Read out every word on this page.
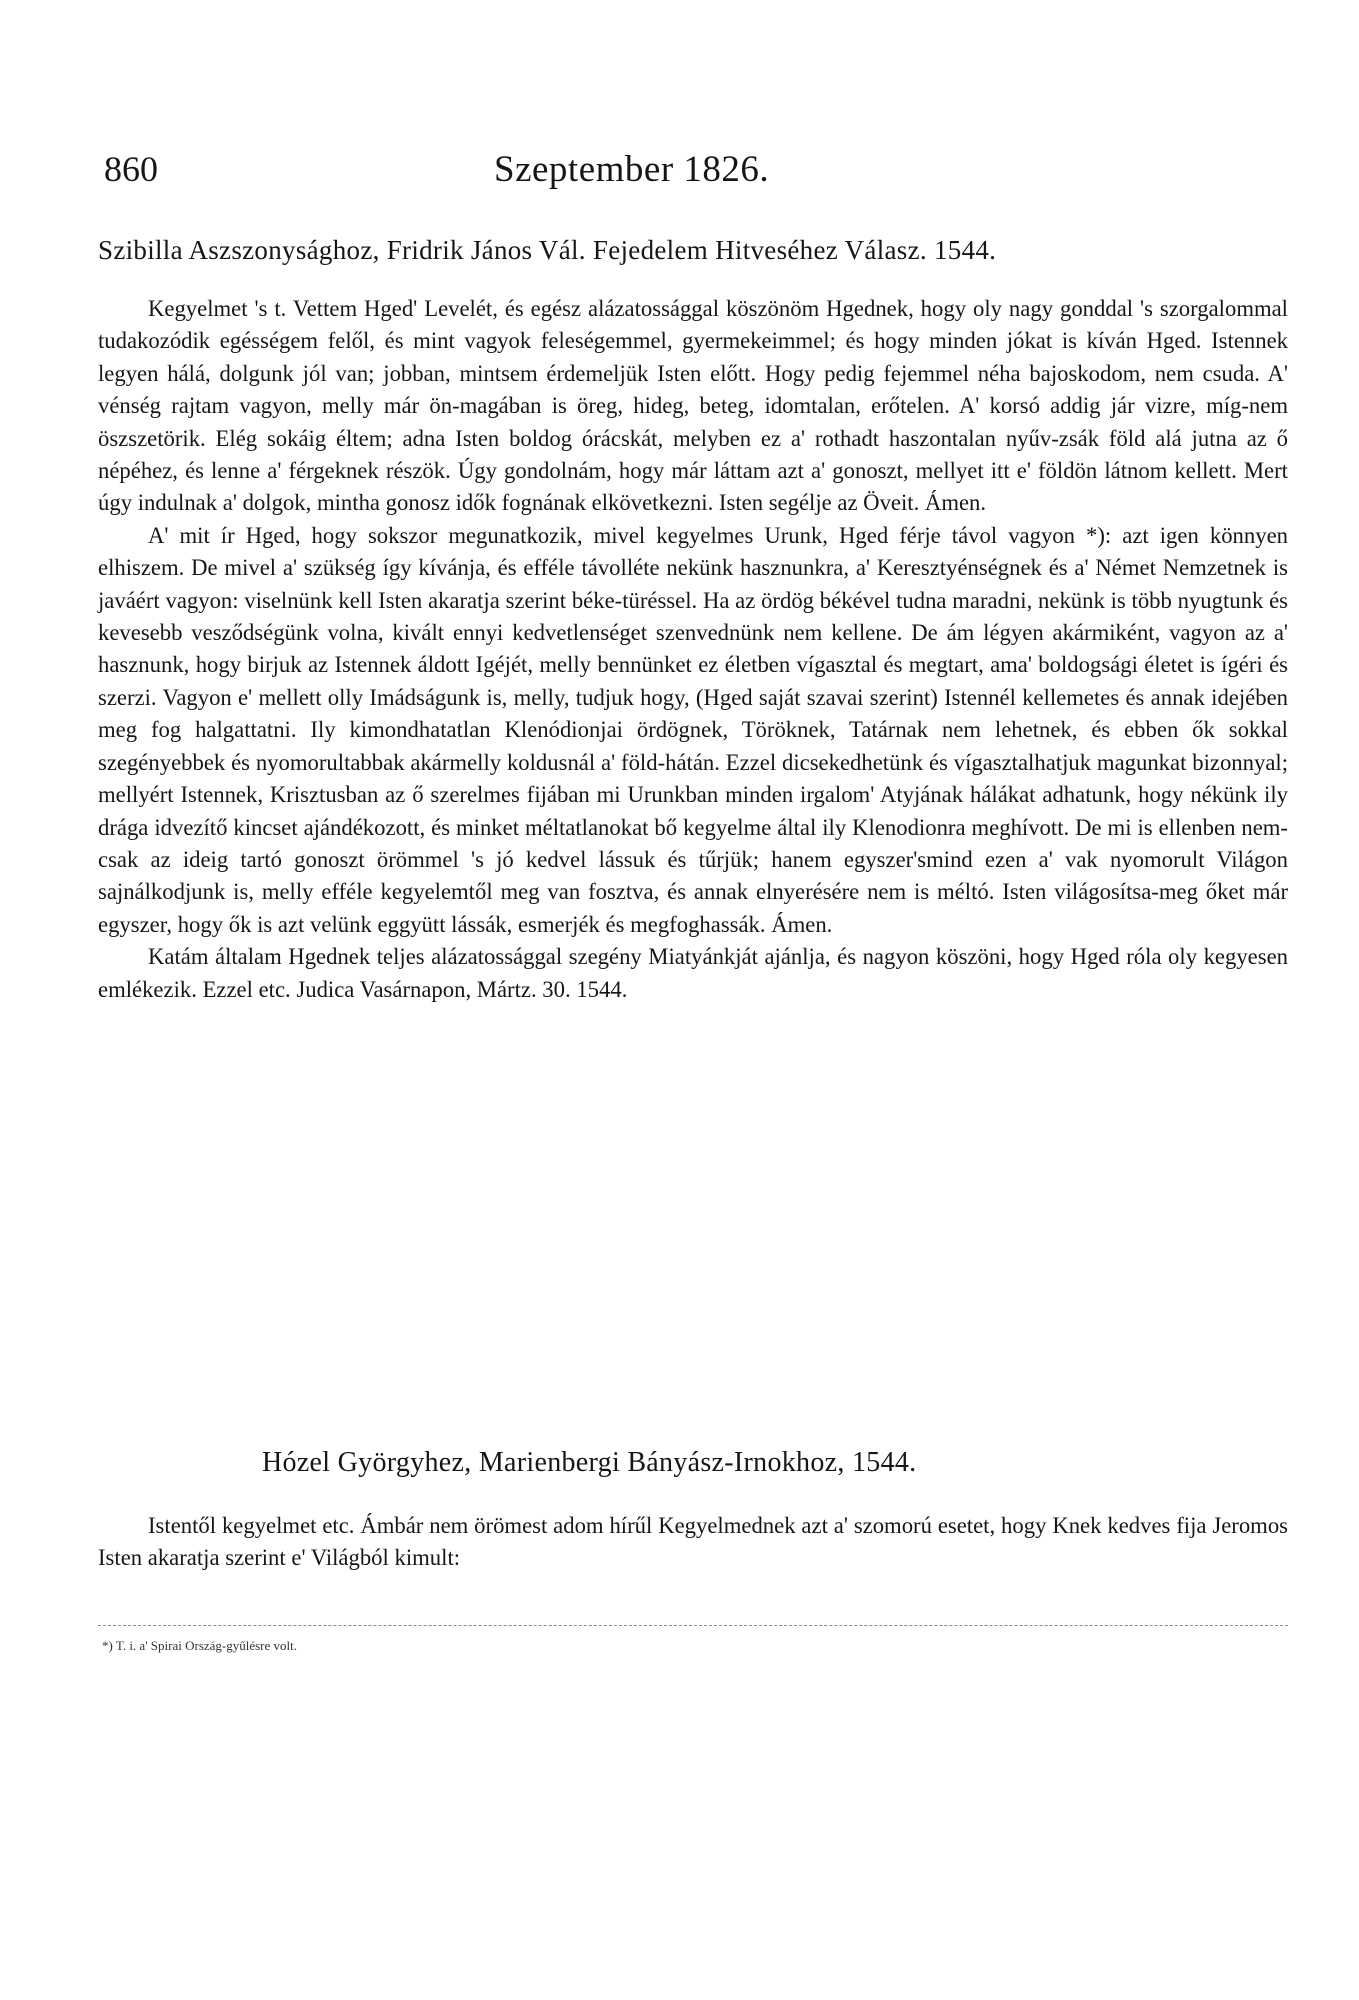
860	Szeptember 1826.
Szibilla Aszszonysághoz, Fridrik János Vál. Fejedelem Hitveséhez Válasz. 1544.

Kegyelmet 's t. Vettem Hged' Levelét, és egész alázatossággal köszönöm Hgednek, hogy oly nagy gonddal 's szorgalommal tudakozódik egésségem felől, és mint vagyok feleségemmel, gyermekeimmel; és hogy minden jókat is kíván Hged. Istennek legyen hálá, dolgunk jól van; jobban, mintsem érdemeljük Isten előtt. Hogy pedig fejemmel néha bajoskodom, nem csuda. A' vénség rajtam vagyon, melly már ön-magában is öreg, hideg, beteg, idomtalan, erőtelen. A' korsó addig jár vizre, míg-nem öszszetörik. Elég sokáig éltem; adna Isten boldog órácskát, melyben ez a' rothadt haszontalan nyűv-zsák föld alá jutna az ő népéhez, és lenne a' férgeknek részök. Úgy gondolnám, hogy már láttam azt a' gonoszt, mellyet itt e' földön látnom kellett. Mert úgy indulnak a' dolgok, mintha gonosz idők fognának elkövetkezni. Isten segélje az Öveit. Ámen.

A' mit ír Hged, hogy sokszor megunatkozik, mivel kegyelmes Urunk, Hged férje távol vagyon *): azt igen könnyen elhiszem. De mivel a' szükség így kívánja, és efféle távolléte nekünk hasznunkra, a' Keresztyénségnek és a' Német Nemzetnek is javáért vagyon: viselnünk kell Isten akaratja szerint béke-türéssel. Ha az ördög békével tudna maradni, nekünk is több nyugtunk és kevesebb vesződségünk volna, kivált ennyi kedvetlenséget szenvednünk nem kellene. De ám légyen akármiként, vagyon az a' hasznunk, hogy birjuk az Istennek áldott Igéjét, melly bennünket ez életben vígasztal és megtart, ama' boldogsági életet is ígéri és szerzi. Vagyon e' mellett olly Imádságunk is, melly, tudjuk hogy, (Hged saját szavai szerint) Istennél kellemetes és annak idejében meg fog halgattatni. Ily kimondhatatlan Klenódionjai ördögnek, Töröknek, Tatárnak nem lehetnek, és ebben ők sokkal szegényebbek és nyomorultabbak akármelly koldusnál a' föld-hátán. Ezzel dicsekedhetünk és vígasztalhatjuk magunkat bizonnyal; mellyért Istennek, Krisztusban az ő szerelmes fijában mi Urunkban minden irgalom' Atyjának hálákat adhatunk, hogy nékünk ily drága idvezítő kincset ajándékozott, és minket méltatlanokat bő kegyelme által ily Klenodionra meghívott. De mi is ellenben nem-csak az ideig tartó gonoszt örömmel 's jó kedvel lássuk és tűrjük; hanem egyszer'smind ezen a' vak nyomorult Világon sajnálkodjunk is, melly efféle kegyelemtől meg van fosztva, és annak elnyerésére nem is méltó. Isten világosítsa-meg őket már egyszer, hogy ők is azt velünk eggyütt lássák, esmerjék és megfoghassák. Ámen.

Katám általam Hgednek teljes alázatossággal szegény Miatyánkját ajánlja, és nagyon köszöni, hogy Hged róla oly kegyesen emlékezik. Ezzel etc. Judica Vasárnapon, Mártz. 30. 1544.

Hózel Györgyhez, Marienbergi Bányász-Irnokhoz, 1544.

Istentől kegyelmet etc. Ámbár nem örömest adom hírűl Kegyelmednek azt a' szomorú esetet, hogy Knek kedves fija Jeromos Isten akaratja szerint e' Világból kimult:

*) T. i. a' Spirai Ország-gyűlésre volt.
